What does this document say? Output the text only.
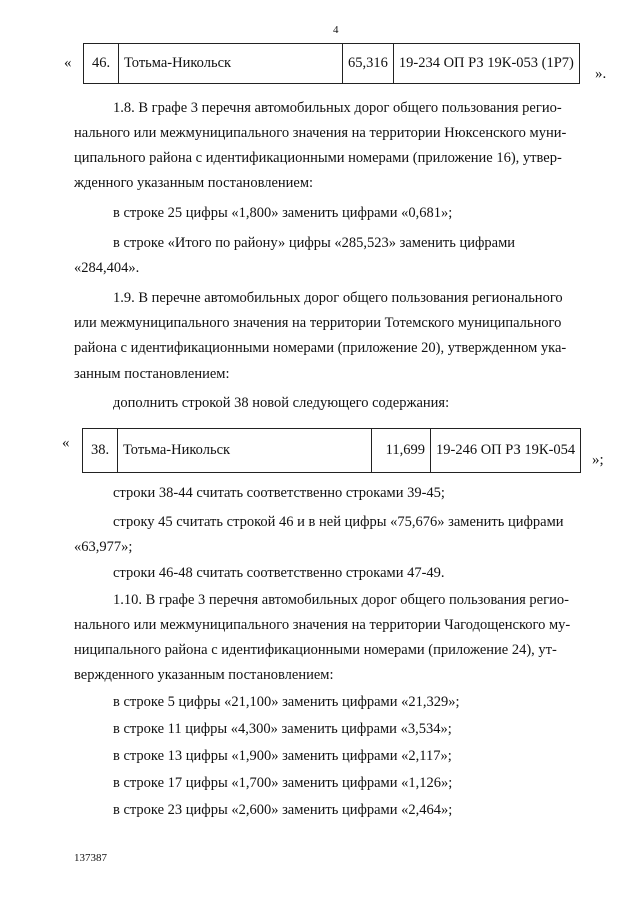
4
« 46.	Тотьма-Никольск	65,316	19-234 ОП РЗ 19К-053 (1Р7)
».
1.8. В графе 3 перечня автомобильных дорог общего пользования регио-
нального или межмуниципального значения на территории Нюксенского муни-
ципального района с идентификационными номерами (приложение 16), утвер-
жденного указанным постановлением:
в строке 25 цифры «1,800» заменить цифрами «0,681»;
в строке «Итого по району» цифры «285,523» заменить цифрами
«284,404».
1.9. В перечне автомобильных дорог общего пользования регионального
или межмуниципального значения на территории Тотемского муниципального
района с идентификационными номерами (приложение 20), утвержденном ука-
занным постановлением:
дополнить строкой 38 новой следующего содержания:
« 38.	Тотьма-Никольск	11,699	19-246 ОП РЗ 19К-054
»;
строки 38-44 считать соответственно строками 39-45;
строку 45 считать строкой 46 и в ней цифры «75,676» заменить цифрами
«63,977»;
строки 46-48 считать соответственно строками 47-49.
1.10. В графе 3 перечня автомобильных дорог общего пользования регио-
нального или межмуниципального значения на территории Чагодощенского му-
ниципального района с идентификационными номерами (приложение 24), ут-
вержденного указанным постановлением:
в строке 5 цифры «21,100» заменить цифрами «21,329»;
в строке 11 цифры «4,300» заменить цифрами «3,534»;
в строке 13 цифры «1,900» заменить цифрами «2,117»;
в строке 17 цифры «1,700» заменить цифрами «1,126»;
в строке 23 цифры «2,600» заменить цифрами «2,464»;
137387
